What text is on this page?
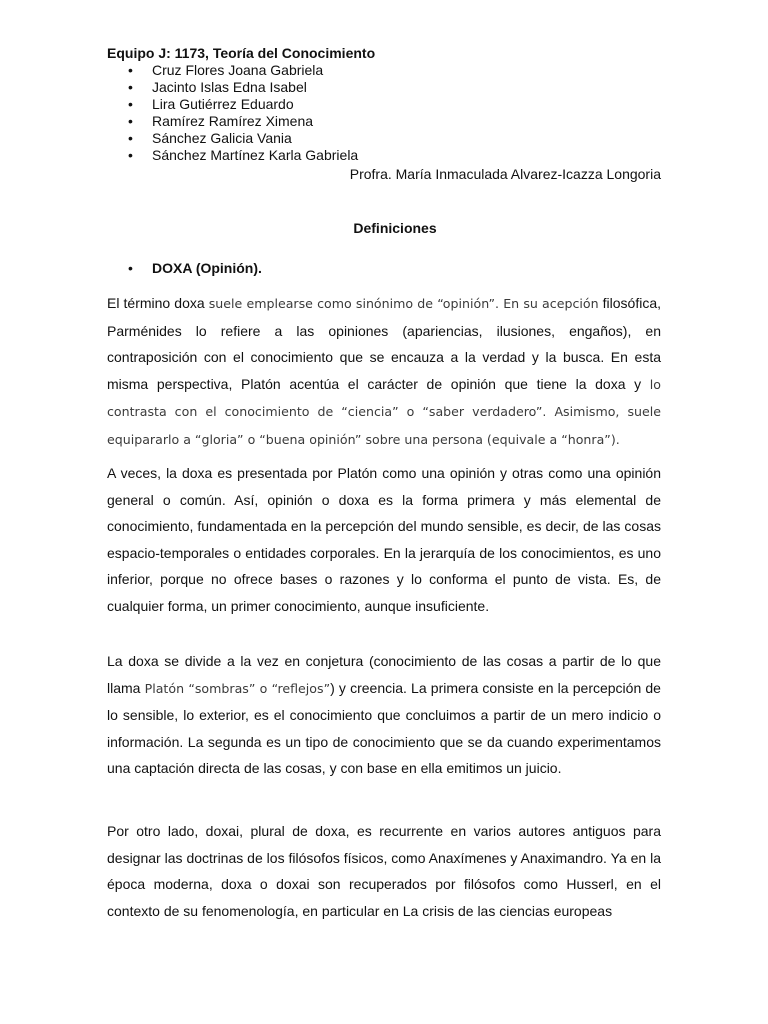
Equipo J: 1173, Teoría del Conocimiento
• Cruz Flores Joana Gabriela
• Jacinto Islas Edna Isabel
• Lira Gutiérrez Eduardo
• Ramírez Ramírez Ximena
• Sánchez Galicia Vania
• Sánchez Martínez Karla Gabriela
Profra. María Inmaculada Alvarez-Icazza Longoria
Definiciones
• DOXA (Opinión).

El término doxa suele emplearse como sinónimo de “opinión”. En su acepción filosófica, Parménides lo refiere a las opiniones (apariencias, ilusiones, engaños), en contraposición con el conocimiento que se encauza a la verdad y la busca. En esta misma perspectiva, Platón acentúa el carácter de opinión que tiene la doxa y lo contrasta con el conocimiento de “ciencia” o “saber verdadero”. Asimismo, suele equipararlo a “gloria” o “buena opinión” sobre una persona (equivale a “honra”).

A veces, la doxa es presentada por Platón como una opinión y otras como una opinión general o común. Así, opinión o doxa es la forma primera y más elemental de conocimiento, fundamentada en la percepción del mundo sensible, es decir, de las cosas espacio-temporales o entidades corporales. En la jerarquía de los conocimientos, es uno inferior, porque no ofrece bases o razones y lo conforma el punto de vista. Es, de cualquier forma, un primer conocimiento, aunque insuficiente.

La doxa se divide a la vez en conjetura (conocimiento de las cosas a partir de lo que llama Platón “sombras” o “reflejos”) y creencia. La primera consiste en la percepción de lo sensible, lo exterior, es el conocimiento que concluimos a partir de un mero indicio o información. La segunda es un tipo de conocimiento que se da cuando experimentamos una captación directa de las cosas, y con base en ella emitimos un juicio.

Por otro lado, doxai, plural de doxa, es recurrente en varios autores antiguos para designar las doctrinas de los filósofos físicos, como Anaxímenes y Anaximandro. Ya en la época moderna, doxa o doxai son recuperados por filósofos como Husserl, en el contexto de su fenomenología, en particular en La crisis de las ciencias europeas
